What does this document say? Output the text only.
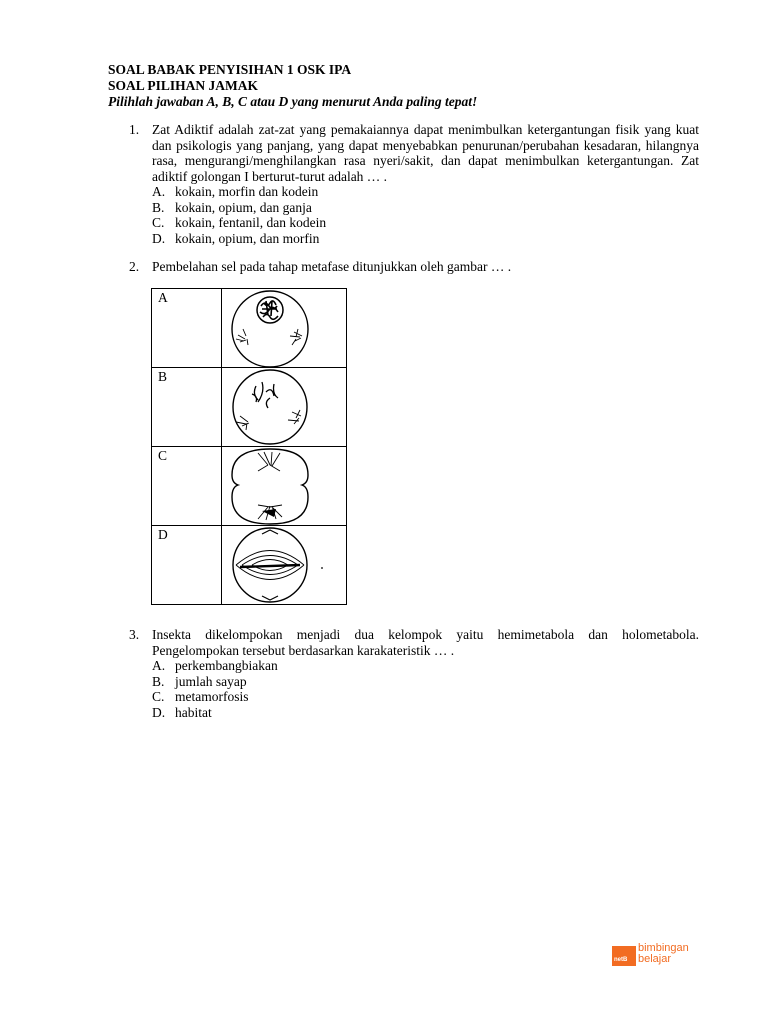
SOAL BABAK PENYISIHAN 1 OSK IPA
SOAL PILIHAN JAMAK
Pilihlah jawaban A, B, C atau D yang menurut Anda paling tepat!
1. Zat Adiktif adalah zat-zat yang pemakaiannya dapat menimbulkan ketergantungan fisik yang kuat dan psikologis yang panjang, yang dapat menyebabkan penurunan/perubahan kesadaran, hilangnya rasa, mengurangi/menghilangkan rasa nyeri/sakit, dan dapat menimbulkan ketergantungan. Zat adiktif golongan I berturut-turut adalah … .
A. kokain, morfin dan kodein
B. kokain, opium, dan ganja
C. kokain, fentanil, dan kodein
D. kokain, opium, dan morfin
2. Pembelahan sel pada tahap metafase ditunjukkan oleh gambar … .
A

B

C

D

3. Insekta dikelompokan menjadi dua kelompok yaitu hemimetabola dan holometabola. Pengelompokan tersebut berdasarkan karakateristik … .
A. perkembangbiakan
B. jumlah sayap
C. metamorfosis
D. habitat
netB
bimbingan
belajar
